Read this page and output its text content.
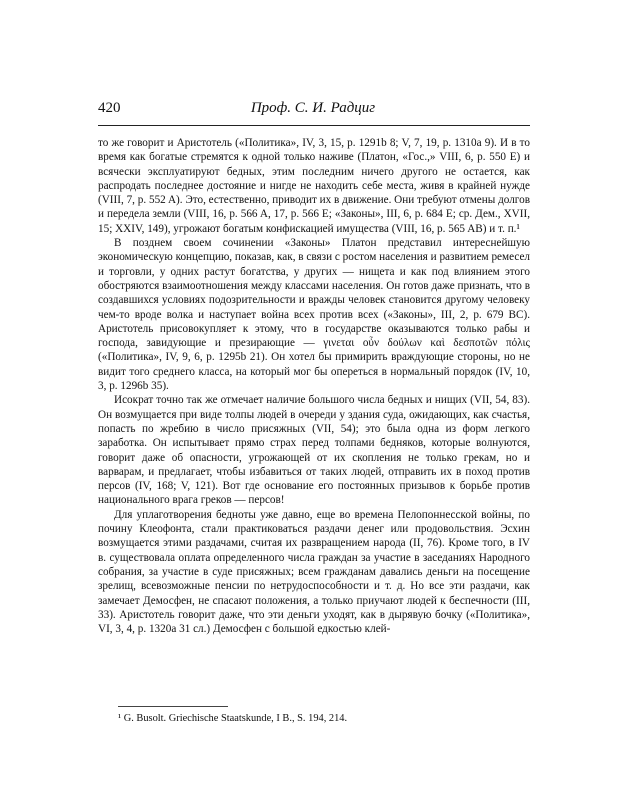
420	Проф. С. И. Радциг

то же говорит и Аристотель («Политика», IV, 3, 15, p. 1291b 8; V, 7, 19, p. 1310a 9). И в то время как богатые стремятся к одной только наживе (Платон, «Гос.,» VIII, 6, p. 550 E) и всячески эксплуатируют бедных, этим последним ничего другого не остается, как распродать последнее достояние и нигде не находить себе места, живя в крайней нужде (VIII, 7, p. 552 A). Это, естественно, приводит их в движение. Они требуют отмены долгов и передела земли (VIII, 16, p. 566 A, 17, p. 566 E; «Законы», III, 6, p. 684 E; ср. Дем., XVII, 15; XXIV, 149), угрожают богатым конфискацией имущества (VIII, 16, p. 565 AB) и т. п.¹

В позднем своем сочинении «Законы» Платон представил интереснейшую экономическую концепцию, показав, как, в связи с ростом населения и развитием ремесел и торговли, у одних растут богатства, у других — нищета и как под влиянием этого обостряются взаимоотношения между классами населения. Он готов даже признать, что в создавшихся условиях подозрительности и вражды человек становится другому человеку чем-то вроде волка и наступает война всех против всех («Законы», III, 2, p. 679 BC). Аристотель присовокупляет к этому, что в государстве оказываются только рабы и господа, завидующие и презирающие — γινεται οὖν δούλων καὶ δεσποτῶν πόλις («Политика», IV, 9, 6, p. 1295b 21). Он хотел бы примирить враждующие стороны, но не видит того среднего класса, на который мог бы опереться в нормальный порядок (IV, 10, 3, p. 1296b 35).

Исократ точно так же отмечает наличие большого числа бедных и нищих (VII, 54, 83). Он возмущается при виде толпы людей в очереди у здания суда, ожидающих, как счастья, попасть по жребию в число присяжных (VII, 54); это была одна из форм легкого заработка. Он испытывает прямо страх перед толпами бедняков, которые волнуются, говорит даже об опасности, угрожающей от их скопления не только грекам, но и варварам, и предлагает, чтобы избавиться от таких людей, отправить их в поход против персов (IV, 168; V, 121). Вот где основание его постоянных призывов к борьбе против национального врага греков — персов!

Для уплаготворения бедноты уже давно, еще во времена Пелопоннесской войны, по почину Клеофонта, стали практиковаться раздачи денег или продовольствия. Эсхин возмущается этими раздачами, считая их развращением народа (II, 76). Кроме того, в IV в. существовала оплата определенного числа граждан за участие в заседаниях Народного собрания, за участие в суде присяжных; всем гражданам давались деньги на посещение зрелищ, всевозможные пенсии по нетрудоспособности и т. д. Но все эти раздачи, как замечает Демосфен, не спасают положения, а только приучают людей к беспечности (III, 33). Аристотель говорит даже, что эти деньги уходят, как в дырявую бочку («Политика», VI, 3, 4, p. 1320a 31 сл.) Демосфен с большой едкостью клей-

¹ G. Busolt. Griechische Staatskunde, I B., S. 194, 214.
